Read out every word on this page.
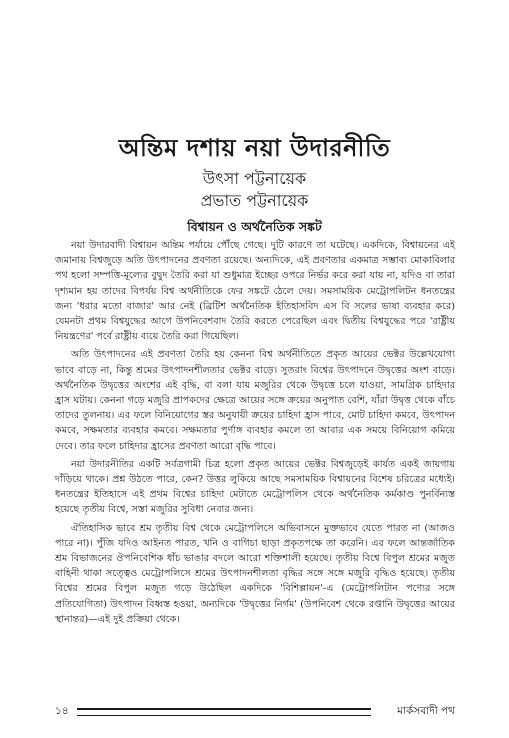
অন্তিম দশায় নয়া উদারনীতি
উৎসা পট্টনায়েক
প্রভাত পট্টনায়েক
বিশ্বায়ন ও অর্থনৈতিক সঙ্কট

নয়া উদারবাদী বিশ্বায়ন অন্তিম পর্যায়ে পৌঁছে গেছে। দুটি কারণে তা ঘটেছে। একদিকে, বিশ্বায়নের এই জমানায় বিশ্বজুড়ে অতি উৎপাদনের প্রবণতা রয়েছে। অন্যদিকে, এই প্রবণতার একমাত্র সম্ভাব্য মোকাবিলার পথ হলো সম্পত্তি-মূল্যের বুদ্বুদ তৈরি করা যা শুধুমাত্র ইচ্ছের ওপরে নির্ভর করে করা যায় না, যদিও বা তারা দৃশ্যমান হয় তাদের বিপর্যয় বিশ্ব অর্থনীতিকে ফের সঙ্কটে ঠেলে দেয়। সমসাময়িক মেট্রোপলিটন ধনতন্ত্রের জন্য 'ধরার মতো বাজার' আর নেই (ব্রিটিশ অর্থনৈতিক ইতিহাসবিদ এস বি সলের ভাষা ব্যবহার করে) যেমনটা প্রথম বিশ্বযুদ্ধের আগে উপনিবেশবাদ তৈরি করতে পেরেছিল এবং দ্বিতীয় বিশ্বযুদ্ধের পরে 'রাষ্ট্রীয় নিয়ন্ত্রণের' পর্বে রাষ্ট্রীয় ব্যয়ে তৈরি করা গিয়েছিল।

অতি উৎপাদনের এই প্রবণতা তৈরি হয় কেননা বিশ্ব অর্থনীতিতে প্রকৃত আয়ের ভেক্টর উল্লেখযোগ্য ভাবে বাড়ে না, কিন্তু শ্রমের উৎপাদনশীলতার ভেক্টর বাড়ে। সুতরাং বিশ্বের উৎপাদনে উদ্বৃত্তের অংশ বাড়ে। অর্থনৈতিক উদ্বৃত্তের অংশের এই বৃদ্ধি, বা বলা যায় মজুরির থেকে উদ্বৃত্তে চলে যাওয়া, সামগ্রিক চাহিদার হ্রাস ঘটায়। কেননা গড়ে মজুরি প্রাপকদের ক্ষেত্রে আয়ের সঙ্গে ক্রয়ের অনুপাত বেশি, যাঁরা উদ্বৃত্ত থেকে বাঁচে তাদের তুলনায়। এর ফলে বিনিয়োগের স্তর অনুযায়ী ক্রয়ের চাহিদা হ্রাস পাবে, মোট চাহিদা কমবে, উৎপাদন কমবে, সক্ষমতার ব্যবহার কমবে। সক্ষমতার পুর্ণাঙ্গ ব্যবহার কমলে তা আবার এক সময়ে বিনিয়োগ কমিয়ে দেবে। তার ফলে চাহিদার হ্রাসের প্রবণতা আরো বৃদ্ধি পাবে।

নয়া উদারনীতির একটি সর্বত্রগামী চিত্র হলো প্রকৃত আয়ের ভেক্টর বিশ্বজুড়েই কার্যত একই জায়গায় দাঁড়িয়ে থাকে। প্রশ্ন উঠতে পারে, কেন? উত্তর লুকিয়ে আছে সমসাময়িক বিশ্বায়নের বিশেষ চরিত্রের মধ্যেই। ধনতন্ত্রের ইতিহাসে এই প্রথম বিশ্বের চাহিদা মেটাতে মেট্রোপলিস থেকে অর্থনৈতিক কর্মকাণ্ড পুনর্বিন্যস্ত হয়েছে তৃতীয় বিশ্বে, সস্তা মজুরির সুবিধা নেবার জন্য।

ঐতিহাসিক ভাবে শ্রম তৃতীয় বিশ্ব থেকে মেট্রোপলিসে অভিবাসনে মুক্তভাবে যেতে পারত না (আজও পারে না)। পুঁজি যদিও আইনত পারত, খনি ও বাগিচা ছাড়া প্রকৃতপক্ষে তা করেনি। এর ফলে আন্তর্জাতিক শ্রম বিভাজনের ঔপনিবেশিক ধাঁচ ভাঙার বদলে আরো শক্তিশালী হয়েছে। তৃতীয় বিশ্বে বিপুল শ্রমের মজুত বাহিনী থাকা সত্ত্বেও মেট্রোপলিসে শ্রমের উৎপাদনশীলতা বৃদ্ধির সঙ্গে সঙ্গে মজুরি বৃদ্ধিও হয়েছে। তৃতীয় বিশ্বের শ্রমের বিপুল মজুত গড়ে উঠেছিল একদিকে 'বিশিল্পায়ন'-এ (মেট্রোপলিটান পণ্যের সঙ্গে প্রতিযোগিতা) উৎপাদন বিধ্বস্ত হওয়া, অন্যদিকে 'উদ্বৃত্তের নির্গম' (উপনিবেশ থেকে রপ্তানি উদ্বৃত্তের আয়ের স্থানান্তর)—এই দুই প্রক্রিয়া থেকে।

১৪	মার্কসবাদী পথ
